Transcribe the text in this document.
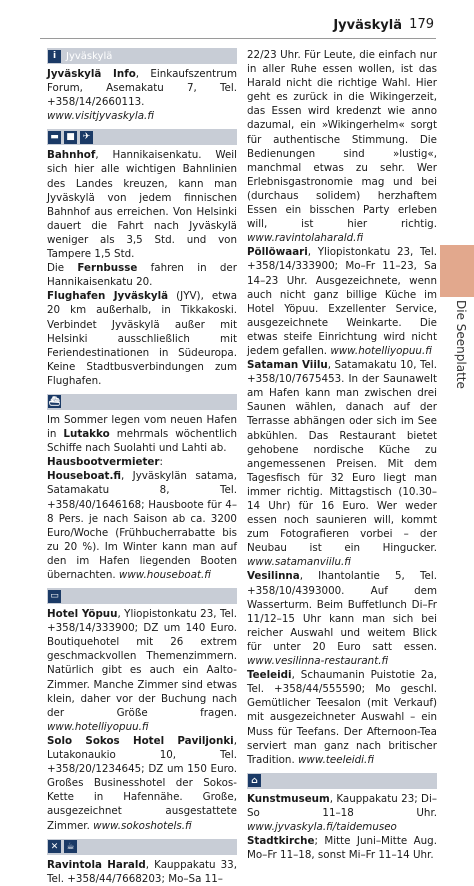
Jyväskylä 179
Die Seenplatte
i Jyväskylä

Jyväskylä Info, Einkaufszentrum Forum, Asemakatu 7, Tel. +358/14/2660113. www.visitjyvaskyla.fi

▬ ■ ✈

Bahnhof, Hannikaisenkatu. Weil sich hier alle wichtigen Bahnlinien des Landes kreuzen, kann man Jyväskylä von jedem finnischen Bahnhof aus erreichen. Von Helsinki dauert die Fahrt nach Jyväskylä weniger als 3,5 Std. und von Tampere 1,5 Std.

Die Fernbusse fahren in der Hannikaisenkatu 20.

Flughafen Jyväskylä (JYV), etwa 20 km außerhalb, in Tikkakoski. Verbindet Jyväskylä außer mit Helsinki ausschließlich mit Feriendestinationen in Südeuropa. Keine Stadtbusverbindungen zum Flughafen.

⛴

Im Sommer legen vom neuen Hafen in Lutakko mehrmals wöchentlich Schiffe nach Suolahti und Lahti ab.

Hausbootvermieter: Houseboat.fi, Jyväskylän satama, Satamakatu 8, Tel. +358/40/1646168; Hausboote für 4–8 Pers. je nach Saison ab ca. 3200 Euro/Woche (Frühbucherrabatte bis zu 20 %). Im Winter kann man auf den im Hafen liegenden Booten übernachten. www.houseboat.fi

▭

Hotel Yöpuu, Yliopistonkatu 23, Tel. +358/14/333900; DZ um 140 Euro. Boutiquehotel mit 26 extrem geschmackvollen Themenzimmern. Natürlich gibt es auch ein Aalto-Zimmer. Manche Zimmer sind etwas klein, daher vor der Buchung nach der Größe fragen. www.hotelliyopuu.fi

Solo Sokos Hotel Paviljonki, Lutakonaukio 10, Tel. +358/20/1234645; DZ um 150 Euro. Großes Businesshotel der Sokos-Kette in Hafennähe. Große, ausgezeichnet ausgestattete Zimmer. www.sokoshotels.fi

✕ ☕

Ravintola Harald, Kauppakatu 33, Tel. +358/44/7668203; Mo–Sa 11–

22/23 Uhr. Für Leute, die einfach nur in aller Ruhe essen wollen, ist das Harald nicht die richtige Wahl. Hier geht es zurück in die Wikingerzeit, das Essen wird kredenzt wie anno dazumal, ein »Wikingerhelm« sorgt für authentische Stimmung. Die Bedienungen sind »lustig«, manchmal etwas zu sehr. Wer Erlebnisgastronomie mag und bei (durchaus solidem) herzhaftem Essen ein bisschen Party erleben will, ist hier richtig. www.ravintolaharald.fi

Pöllöwaari, Yliopistonkatu 23, Tel. +358/14/333900; Mo–Fr 11–23, Sa 14–23 Uhr. Ausgezeichnete, wenn auch nicht ganz billige Küche im Hotel Yöpuu. Exzellenter Service, ausgezeichnete Weinkarte. Die etwas steife Einrichtung wird nicht jedem gefallen. www.hotelliyopuu.fi

Sataman Viilu, Satamakatu 10, Tel. +358/10/7675453. In der Saunawelt am Hafen kann man zwischen drei Saunen wählen, danach auf der Terrasse abhängen oder sich im See abkühlen. Das Restaurant bietet gehobene nordische Küche zu angemessenen Preisen. Mit dem Tagesfisch für 32 Euro liegt man immer richtig. Mittagstisch (10.30–14 Uhr) für 16 Euro. Wer weder essen noch saunieren will, kommt zum Fotografieren vorbei – der Neubau ist ein Hingucker. www.satamanviilu.fi

Vesilinna, Ihantolantie 5, Tel. +358/10/4393000. Auf dem Wasserturm. Beim Buffetlunch Di–Fr 11/12–15 Uhr kann man sich bei reicher Auswahl und weitem Blick für unter 20 Euro satt essen. www.vesilinna-restaurant.fi

Teeleidi, Schaumanin Puistotie 2a, Tel. +358/44/555590; Mo geschl. Gemütlicher Teesalon (mit Verkauf) mit ausgezeichneter Auswahl – ein Muss für Teefans. Der Afternoon-Tea serviert man ganz nach britischer Tradition. www.teeleidi.fi

⌂

Kunstmuseum, Kauppakatu 23; Di–So 11–18 Uhr. www.jyvaskyla.fi/taidemuseo

Stadtkirche; Mitte Juni–Mitte Aug. Mo–Fr 11–18, sonst Mi–Fr 11–14 Uhr.
